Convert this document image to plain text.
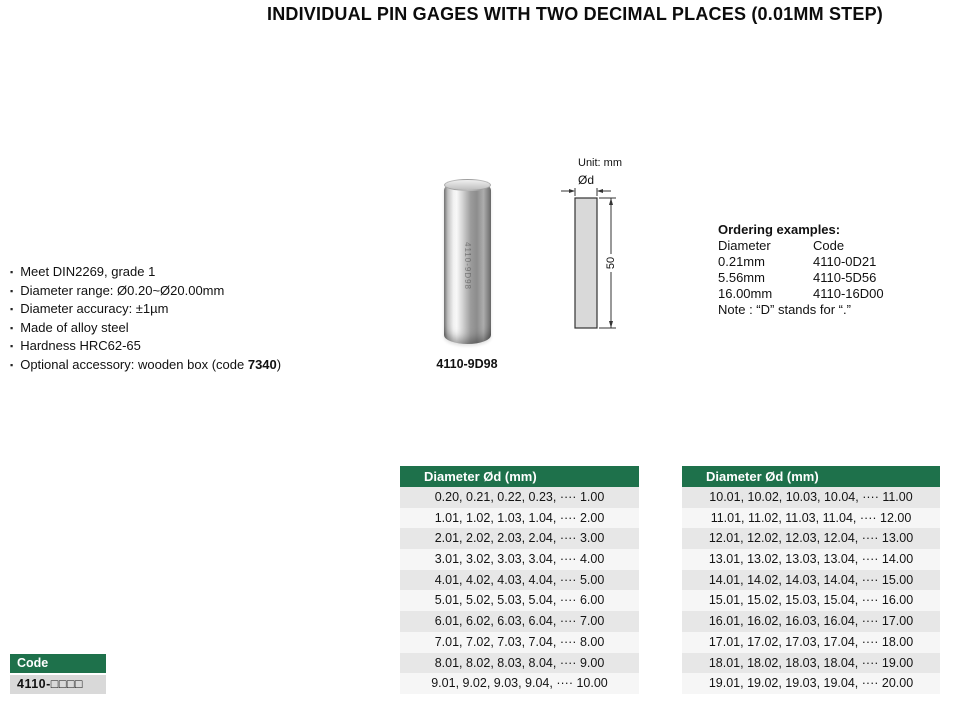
INDIVIDUAL PIN GAGES WITH TWO DECIMAL PLACES (0.01MM STEP)
▪ Meet DIN2269, grade 1
▪ Diameter range: Ø0.20~Ø20.00mm
▪ Diameter accuracy: ±1µm
▪ Made of alloy steel
▪ Hardness HRC62-65
▪ Optional accessory: wooden box (code 7340)
4110-9D98
4110-9D98
Unit: mm
Ød
50
Ordering examples:
Diameter	Code
0.21mm	4110-0D21
5.56mm	4110-5D56
16.00mm	4110-16D00
Note : “D” stands for “.”
Diameter Ød (mm)
0.20, 0.21, 0.22, 0.23, ···· 1.00
1.01, 1.02, 1.03, 1.04, ···· 2.00
2.01, 2.02, 2.03, 2.04, ···· 3.00
3.01, 3.02, 3.03, 3.04, ···· 4.00
4.01, 4.02, 4.03, 4.04, ···· 5.00
5.01, 5.02, 5.03, 5.04, ···· 6.00
6.01, 6.02, 6.03, 6.04, ···· 7.00
7.01, 7.02, 7.03, 7.04, ···· 8.00
8.01, 8.02, 8.03, 8.04, ···· 9.00
9.01, 9.02, 9.03, 9.04, ···· 10.00
Diameter Ød (mm)
10.01, 10.02, 10.03, 10.04, ···· 11.00
11.01, 11.02, 11.03, 11.04, ···· 12.00
12.01, 12.02, 12.03, 12.04, ···· 13.00
13.01, 13.02, 13.03, 13.04, ···· 14.00
14.01, 14.02, 14.03, 14.04, ···· 15.00
15.01, 15.02, 15.03, 15.04, ···· 16.00
16.01, 16.02, 16.03, 16.04, ···· 17.00
17.01, 17.02, 17.03, 17.04, ···· 18.00
18.01, 18.02, 18.03, 18.04, ···· 19.00
19.01, 19.02, 19.03, 19.04, ···· 20.00
Code
4110-□□□□
